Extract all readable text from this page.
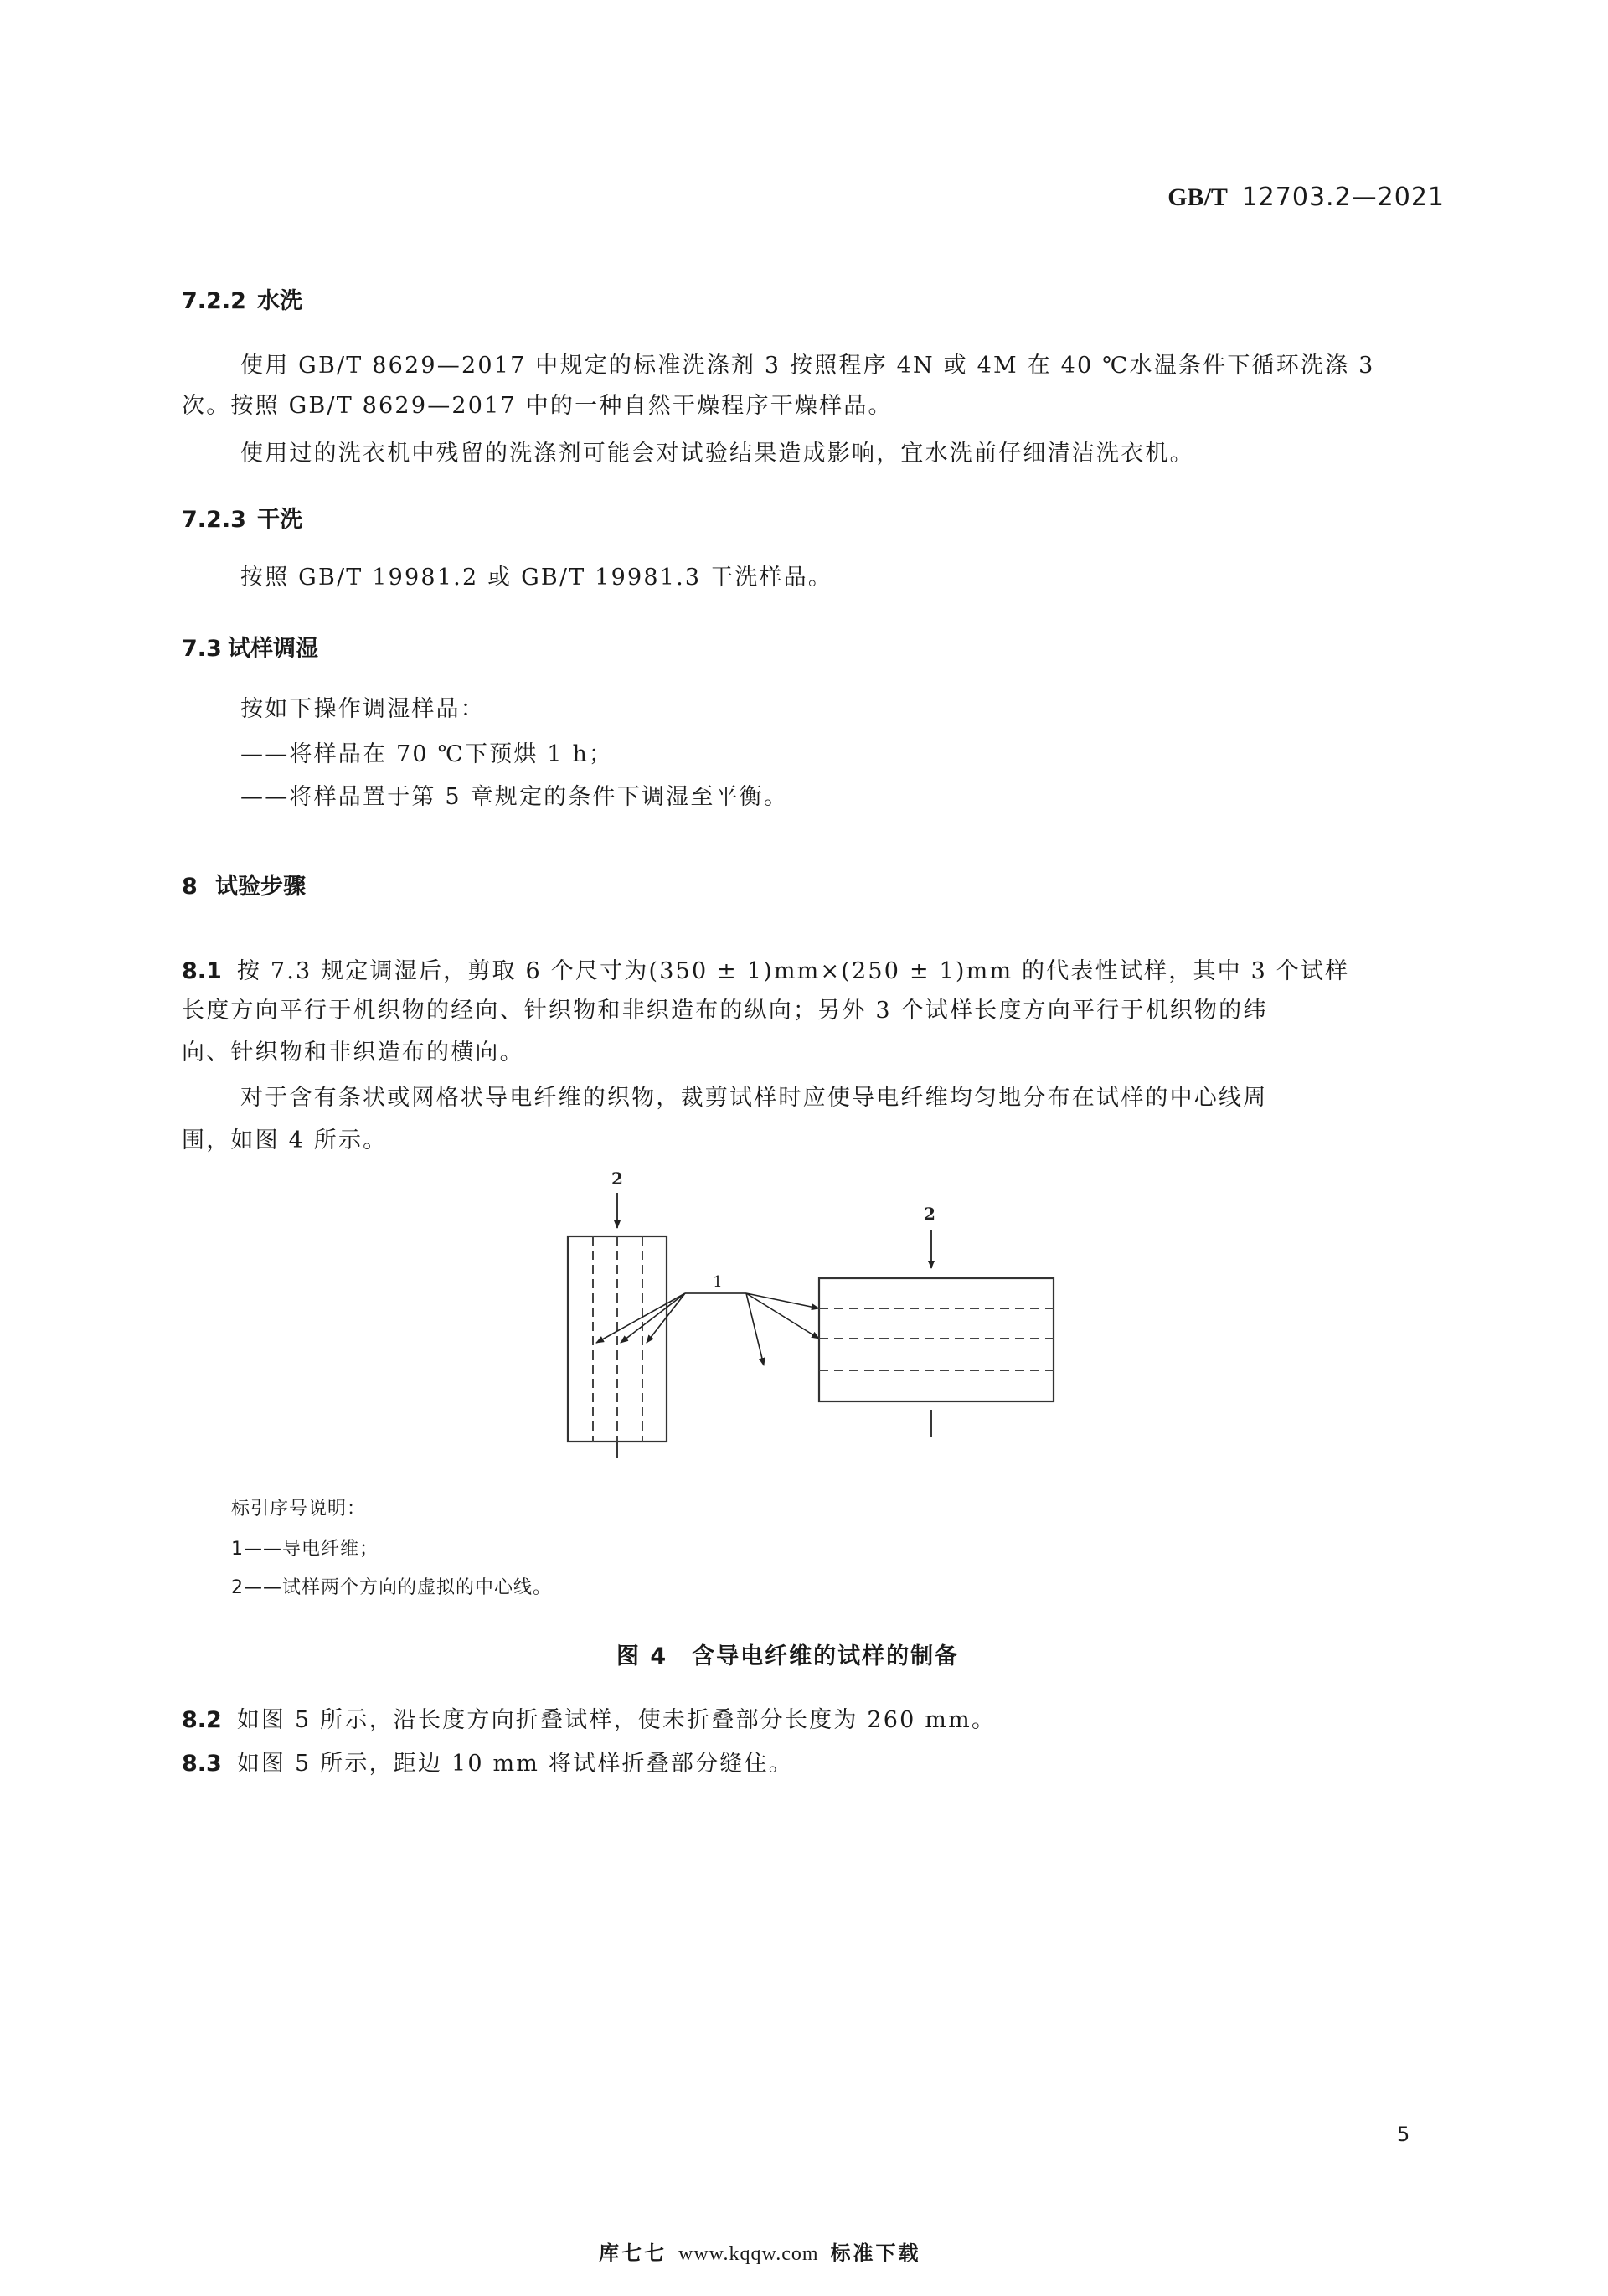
GB/T 12703.2—2021
7.2.2 水洗
使用 GB/T 8629—2017 中规定的标准洗涤剂 3 按照程序 4N 或 4M 在 40 ℃水温条件下循环洗涤 3
次。按照 GB/T 8629—2017 中的一种自然干燥程序干燥样品。
使用过的洗衣机中残留的洗涤剂可能会对试验结果造成影响，宜水洗前仔细清洁洗衣机。
7.2.3 干洗
按照 GB/T 19981.2 或 GB/T 19981.3 干洗样品。
7.3 试样调湿
按如下操作调湿样品：
——将样品在 70 ℃下预烘 1 h；
——将样品置于第 5 章规定的条件下调湿至平衡。
8 试验步骤
8.1 按 7.3 规定调湿后，剪取 6 个尺寸为(350 ± 1)mm×(250 ± 1)mm 的代表性试样，其中 3 个试样
长度方向平行于机织物的经向、针织物和非织造布的纵向；另外 3 个试样长度方向平行于机织物的纬
向、针织物和非织造布的横向。
对于含有条状或网格状导电纤维的织物，裁剪试样时应使导电纤维均匀地分布在试样的中心线周
围，如图 4 所示。
2
1
2
标引序号说明：
1——导电纤维；
2——试样两个方向的虚拟的中心线。
图 4　含导电纤维的试样的制备
8.2 如图 5 所示，沿长度方向折叠试样，使未折叠部分长度为 260 mm。
8.3 如图 5 所示，距边 10 mm 将试样折叠部分缝住。
5
库七七 www.kqqw.com 标准下载
